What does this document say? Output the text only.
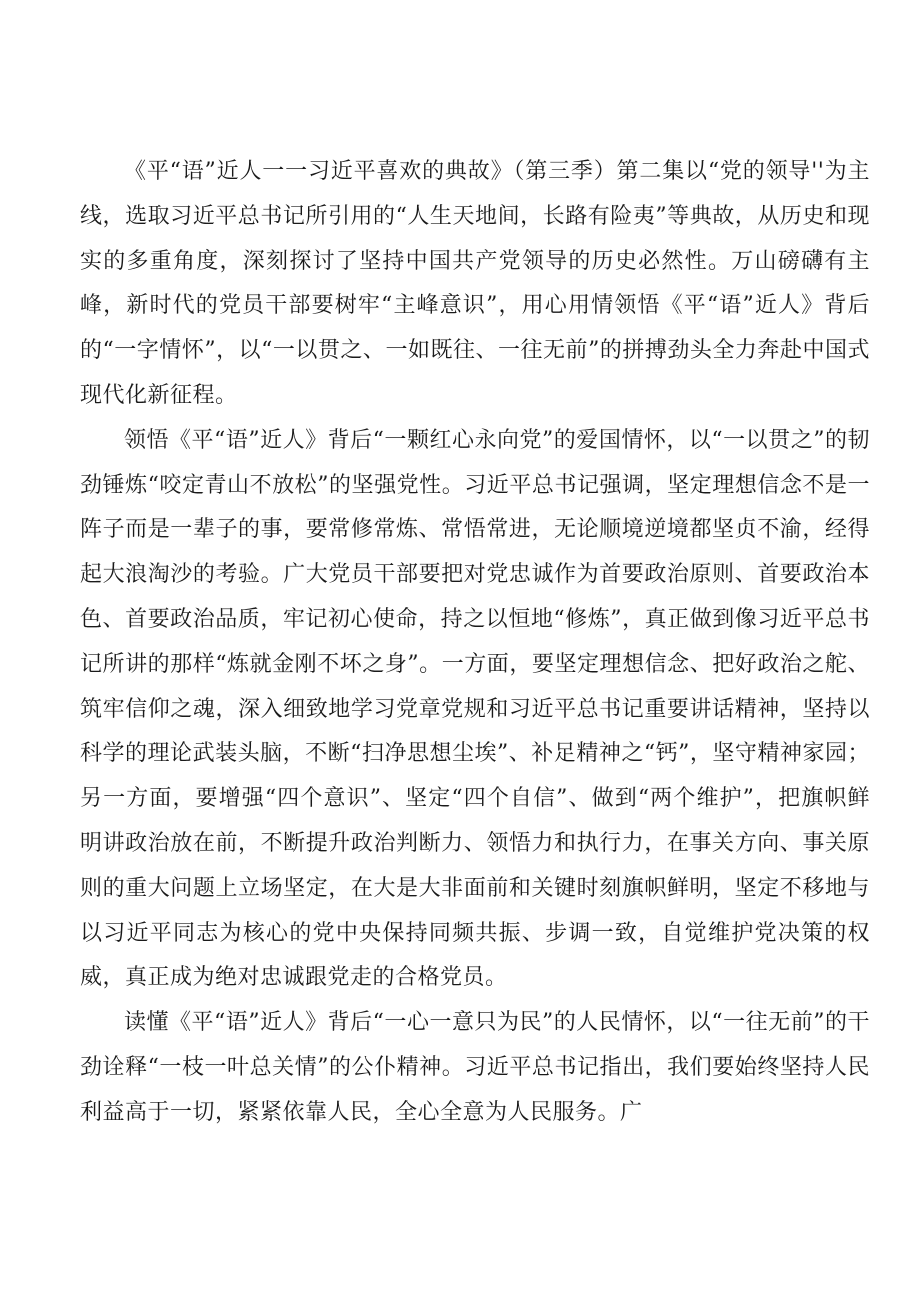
《平“语”近人一一习近平喜欢的典故》（第三季）第二集以“党的领导''为主线，选取习近平总书记所引用的“人生天地间，长路有险夷”等典故，从历史和现实的多重角度，深刻探讨了坚持中国共产党领导的历史必然性。万山磅礴有主峰，新时代的党员干部要树牢“主峰意识”，用心用情领悟《平“语”近人》背后的“一字情怀”，以“一以贯之、一如既往、一往无前”的拼搏劲头全力奔赴中国式现代化新征程。

领悟《平“语”近人》背后“一颗红心永向党”的爱国情怀，以“一以贯之”的韧劲锤炼“咬定青山不放松”的坚强党性。习近平总书记强调，坚定理想信念不是一阵子而是一辈子的事，要常修常炼、常悟常进，无论顺境逆境都坚贞不渝，经得起大浪淘沙的考验。广大党员干部要把对党忠诚作为首要政治原则、首要政治本色、首要政治品质，牢记初心使命，持之以恒地“修炼”，真正做到像习近平总书记所讲的那样“炼就金刚不坏之身”。一方面，要坚定理想信念、把好政治之舵、筑牢信仰之魂，深入细致地学习党章党规和习近平总书记重要讲话精神，坚持以科学的理论武装头脑，不断“扫净思想尘埃”、补足精神之“钙”，坚守精神家园；另一方面，要增强“四个意识”、坚定“四个自信”、做到“两个维护”，把旗帜鲜明讲政治放在前，不断提升政治判断力、领悟力和执行力，在事关方向、事关原则的重大问题上立场坚定，在大是大非面前和关键时刻旗帜鲜明，坚定不移地与以习近平同志为核心的党中央保持同频共振、步调一致，自觉维护党决策的权威，真正成为绝对忠诚跟党走的合格党员。

读懂《平“语”近人》背后“一心一意只为民”的人民情怀，以“一往无前”的干劲诠释“一枝一叶总关情”的公仆精神。习近平总书记指出，我们要始终坚持人民利益高于一切，紧紧依靠人民，全心全意为人民服务。广
